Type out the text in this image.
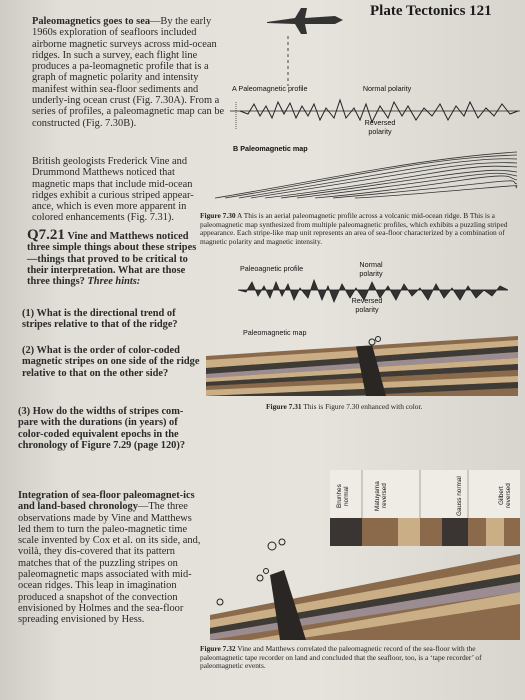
Plate Tectonics 121
Paleomagnetics goes to sea—By the early 1960s exploration of seafloors included airborne magnetic surveys across mid-ocean ridges. In such a survey, each flight line produces a pa-leomagnetic profile that is a graph of magnetic polarity and intensity manifest within sea-floor sediments and underly-ing ocean crust (Fig. 7.30A). From a series of profiles, a paleomagnetic map can be constructed (Fig. 7.30B).
British geologists Frederick Vine and Drummond Matthews noticed that magnetic maps that include mid-ocean ridges exhibit a curious striped appear-ance, which is even more apparent in colored enhancements (Fig. 7.31).
Q7.21 Vine and Matthews noticed three simple things about these stripes—things that proved to be critical to their interpretation. What are those three things? Three hints:
(1) What is the directional trend of stripes relative to that of the ridge?
(2) What is the order of color-coded magnetic stripes on one side of the ridge relative to that on the other side?
(3) How do the widths of stripes com-pare with the durations (in years) of color-coded equivalent epochs in the chronology of Figure 7.29 (page 120)?
Integration of sea-floor paleomagnet-ics and land-based chronology—The three observations made by Vine and Matthews led them to turn the paleo-magnetic time scale invented by Cox et al. on its side, and, voilà, they dis-covered that its pattern matches that of the puzzling stripes on paleomagnetic maps associated with mid-ocean ridges. This leap in imagination produced a snapshot of the convection envisioned by Holmes and the sea-floor spreading envisioned by Hess.
A Paleomagnetic profile	Normal polarity
Reversed polarity
B Paleomagnetic map
Figure 7.30 A This is an aerial paleomagnetic profile across a volcanic mid-ocean ridge. B This is a paleomagnetic map synthesized from multiple paleomagnetic profiles, which exhibits a puzzling striped appearance. Each stripe-like map unit represents an area of sea-floor characterized by a combination of magnetic polarity and magnetic intensity.
Paleoagnetic profile	Normal polarity
Reversed polarity
Paleomagnetic map
Figure 7.31 This is Figure 7.30 enhanced with color.
Brunhes normal	Matuyama reversed	Gauss normal	Gilbert reversed
Figure 7.32 Vine and Matthews correlated the paleomagnetic record of the sea-floor with the paleomagnetic tape recorder on land and concluded that the seafloor, too, is a ‘tape recorder’ of paleomagnetic events.
